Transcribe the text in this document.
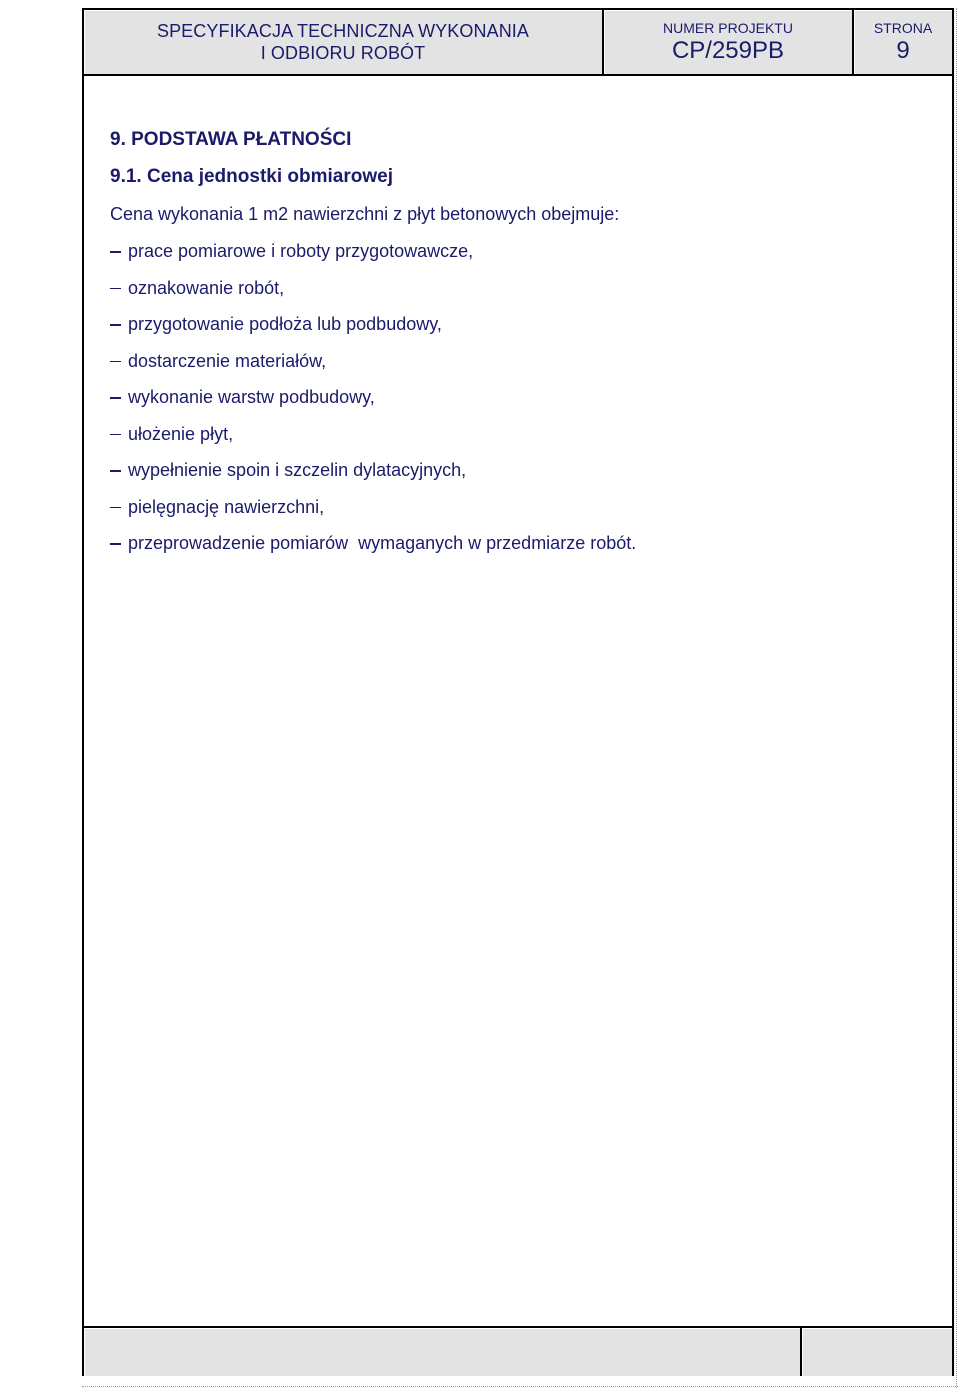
SPECYFIKACJA TECHNICZNA WYKONANIA
I ODBIORU ROBÓT
NUMER PROJEKTU
CP/259PB
STRONA
9
9. PODSTAWA PŁATNOŚCI
9.1. Cena jednostki obmiarowej
Cena wykonania 1 m2 nawierzchni z płyt betonowych obejmuje:
prace pomiarowe i roboty przygotowawcze,
oznakowanie robót,
przygotowanie podłoża lub podbudowy,
dostarczenie materiałów,
wykonanie warstw podbudowy,
ułożenie płyt,
wypełnienie spoin i szczelin dylatacyjnych,
pielęgnację nawierzchni,
przeprowadzenie pomiarów  wymaganych w przedmiarze robót.
